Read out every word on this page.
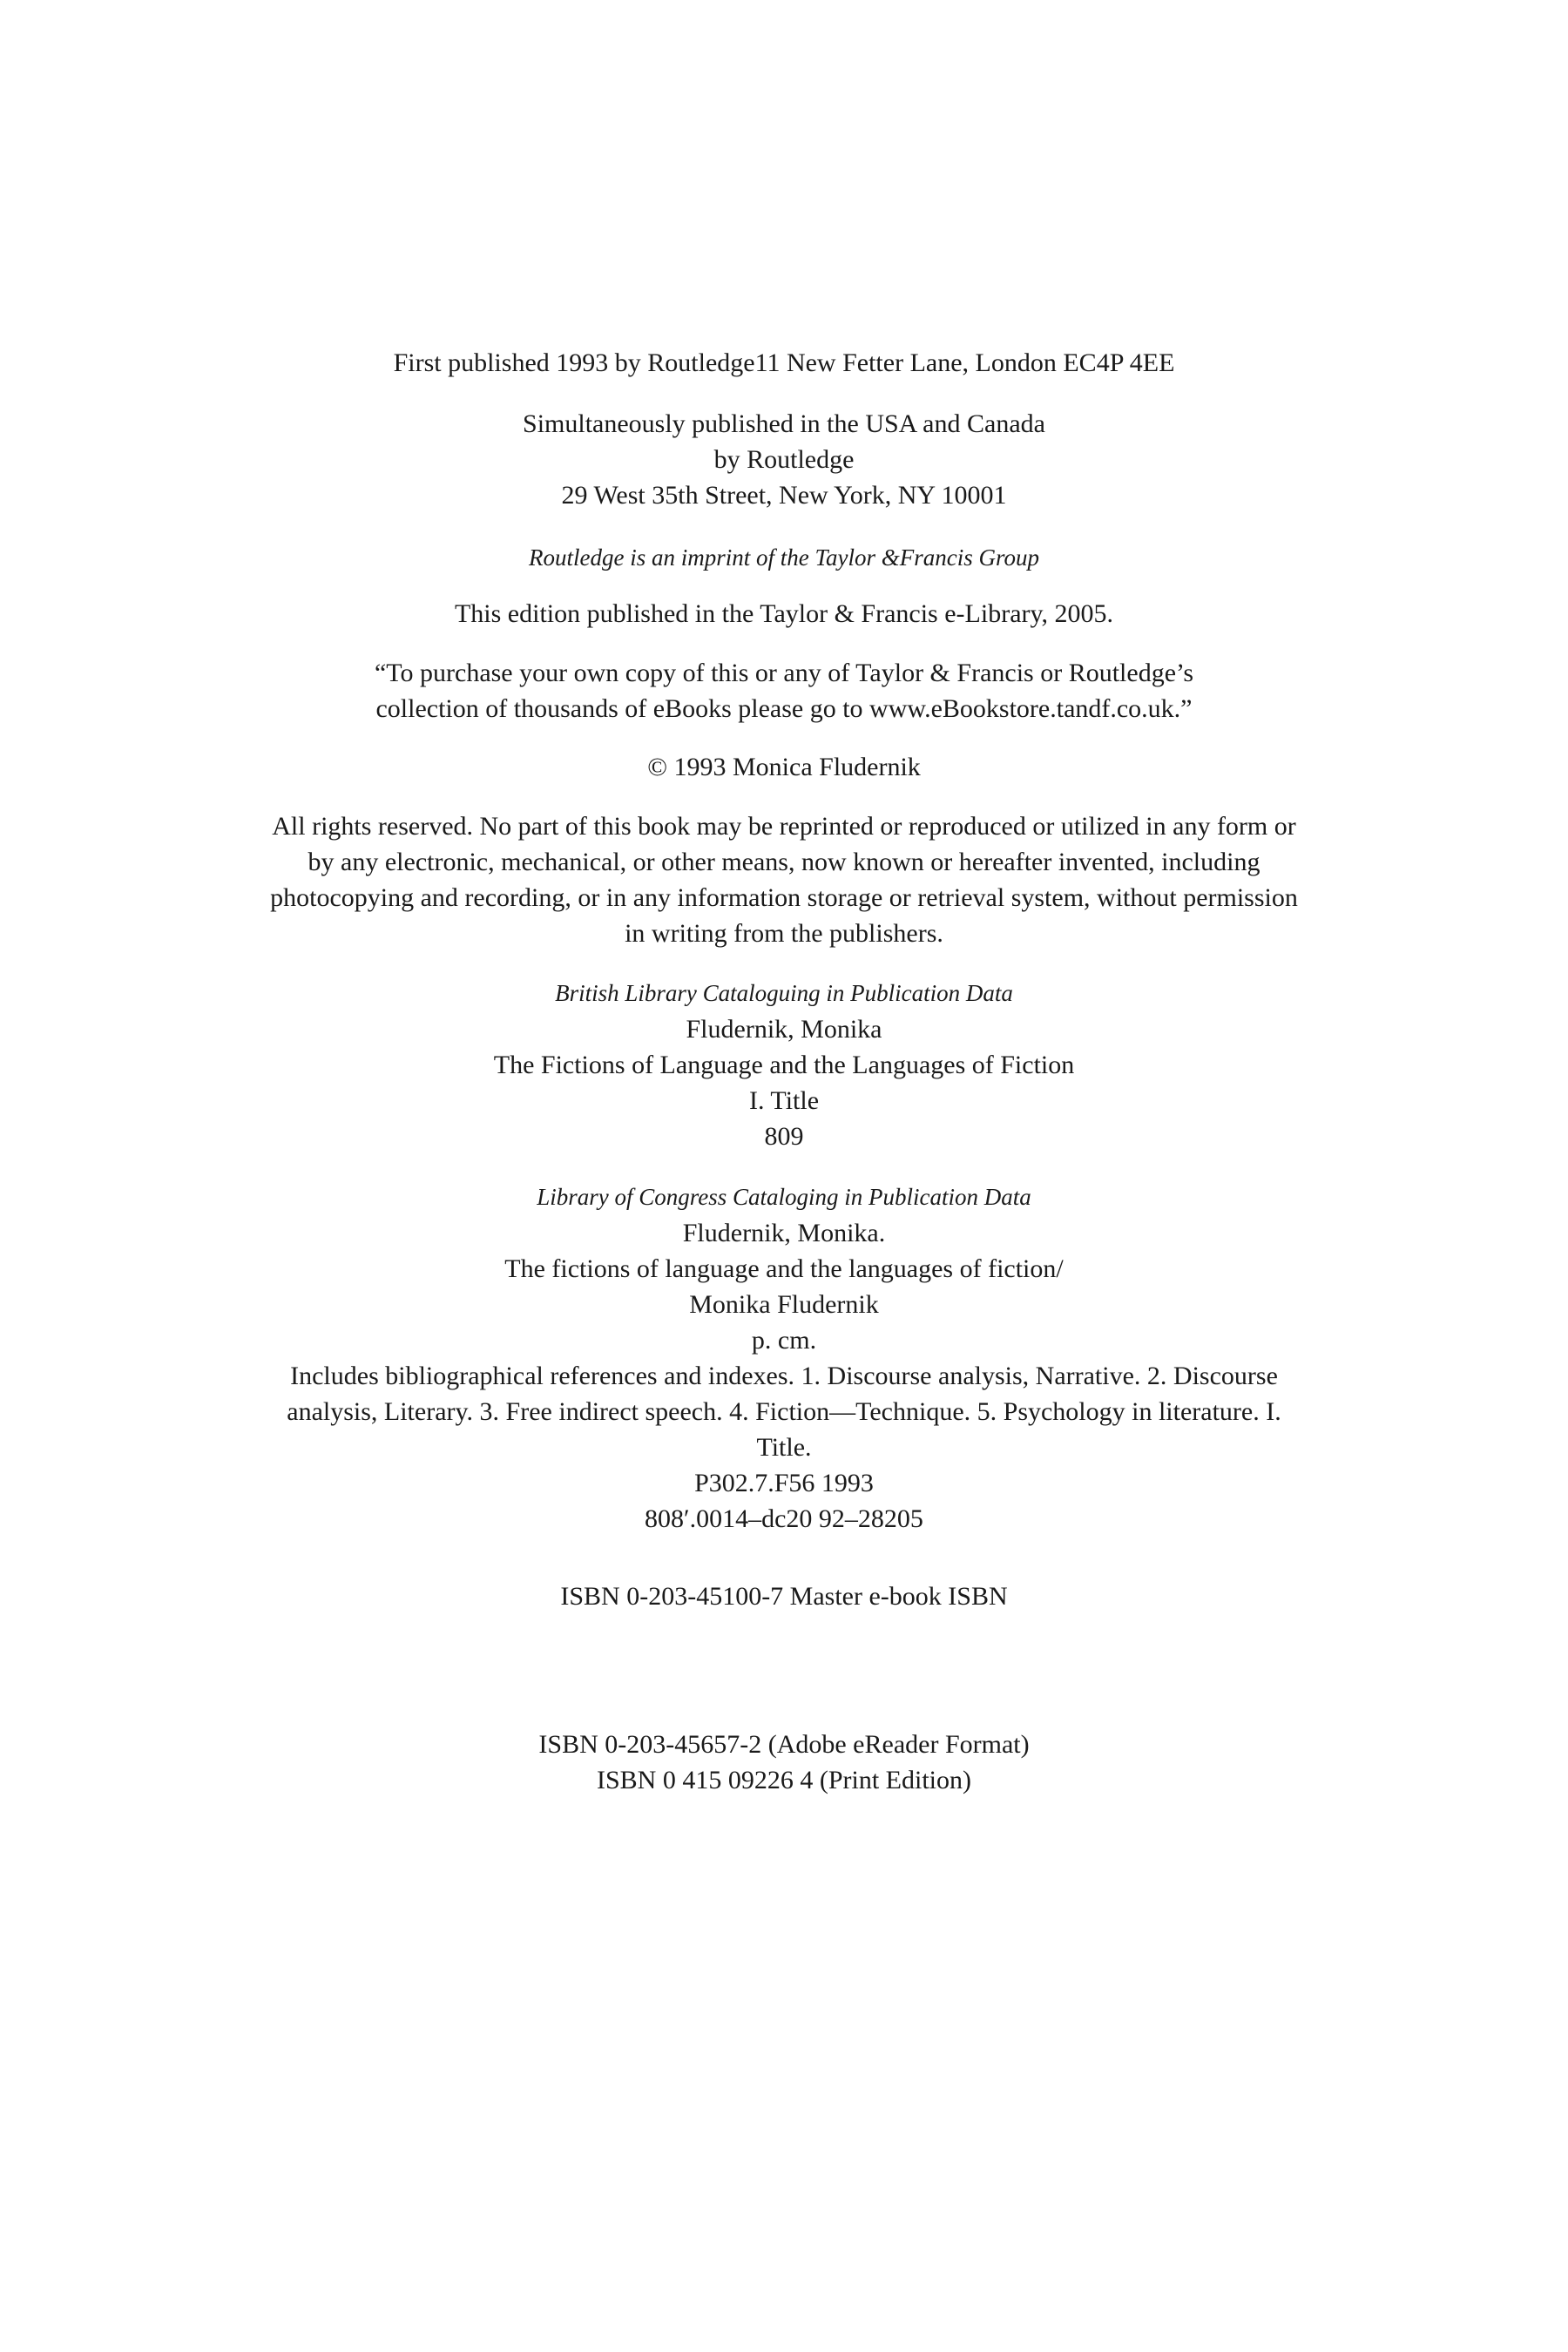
First published 1993 by Routledge11 New Fetter Lane, London EC4P 4EE

Simultaneously published in the USA and Canada

by Routledge

29 West 35th Street, New York, NY 10001

Routledge is an imprint of the Taylor &Francis Group

This edition published in the Taylor & Francis e-Library, 2005.

“To purchase your own copy of this or any of Taylor & Francis or Routledge’s

collection of thousands of eBooks please go to www.eBookstore.tandf.co.uk.”

© 1993 Monica Fludernik

All rights reserved. No part of this book may be reprinted or reproduced or utilized in any form or

by any electronic, mechanical, or other means, now known or hereafter invented, including

photocopying and recording, or in any information storage or retrieval system, without permission

in writing from the publishers.

British Library Cataloguing in Publication Data

Fludernik, Monika

The Fictions of Language and the Languages of Fiction

I. Title

809

Library of Congress Cataloging in Publication Data

Fludernik, Monika.

The fictions of language and the languages of fiction/

Monika Fludernik

p. cm.

Includes bibliographical references and indexes. 1. Discourse analysis, Narrative. 2. Discourse

analysis, Literary. 3. Free indirect speech. 4. Fiction—Technique. 5. Psychology in literature. I.

Title.

P302.7.F56 1993

808′.0014–dc20 92–28205

ISBN 0-203-45100-7 Master e-book ISBN

ISBN 0-203-45657-2 (Adobe eReader Format)

ISBN 0 415 09226 4 (Print Edition)
